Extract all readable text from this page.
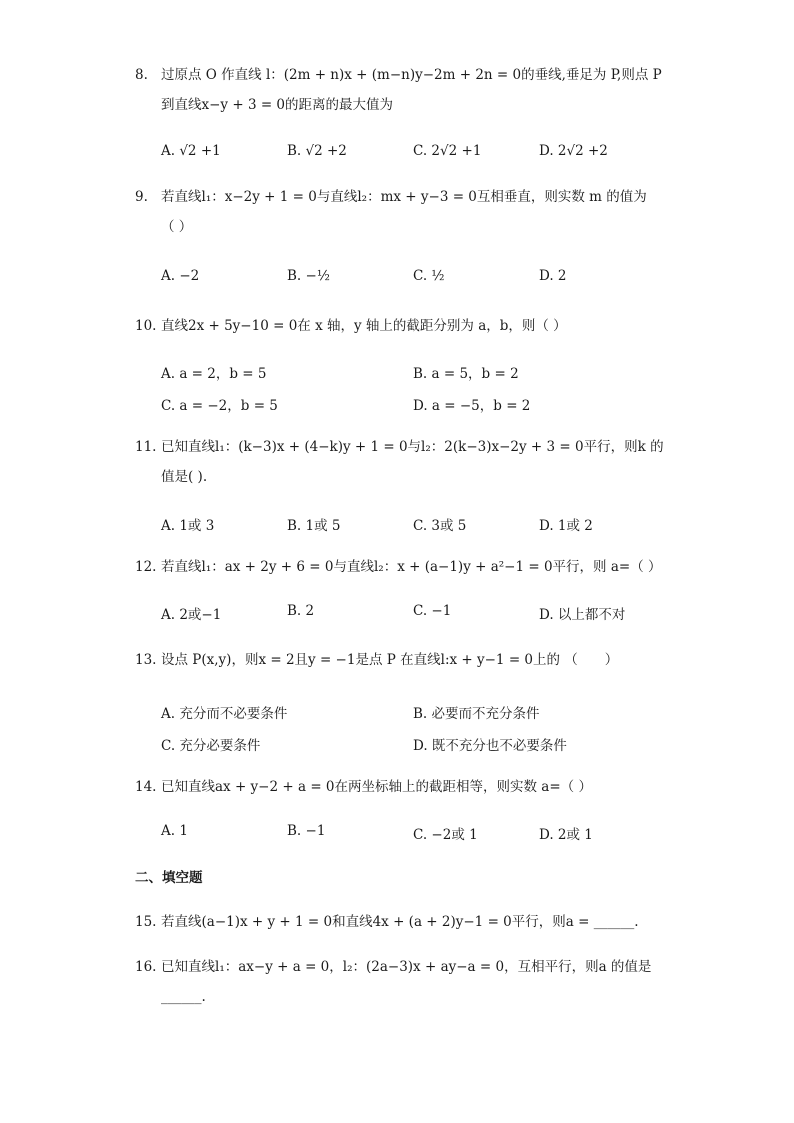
8. 过原点 O 作直线 l：(2m + n)x + (m−n)y−2m + 2n = 0的垂线,垂足为 P,则点 P
到直线x−y + 3 = 0的距离的最大值为
A. √2 +1	B. √2 +2	C. 2√2 +1	D. 2√2 +2
9. 若直线l₁：x−2y + 1 = 0与直线l₂：mx + y−3 = 0互相垂直，则实数 m 的值为
（ ）
A. −2	B. −½	C. ½	D. 2
10. 直线2x + 5y−10 = 0在 x 轴，y 轴上的截距分别为 a，b，则（ ）
A. a = 2，b = 5	B. a = 5，b = 2
C. a = −2，b = 5	D. a = −5，b = 2
11. 已知直线l₁：(k−3)x + (4−k)y + 1 = 0与l₂：2(k−3)x−2y + 3 = 0平行，则k 的
值是( ).
A. 1或 3	B. 1或 5	C. 3或 5	D. 1或 2
12. 若直线l₁：ax + 2y + 6 = 0与直线l₂：x + (a−1)y + a²−1 = 0平行，则 a=（ ）
A. 2或−1	B. 2	C. −1	D. 以上都不对
13. 设点 P(x,y)，则x = 2且y = −1是点 P 在直线l:x + y−1 = 0上的 （　　）
A. 充分而不必要条件	B. 必要而不充分条件
C. 充分必要条件	D. 既不充分也不必要条件
14. 已知直线ax + y−2 + a = 0在两坐标轴上的截距相等，则实数 a=（ ）
A. 1	B. −1	C. −2或 1	D. 2或 1
二、填空题
15. 若直线(a−1)x + y + 1 = 0和直线4x + (a + 2)y−1 = 0平行，则a = ______.
16. 已知直线l₁：ax−y + a = 0，l₂：(2a−3)x + ay−a = 0，互相平行，则a 的值是
______.
